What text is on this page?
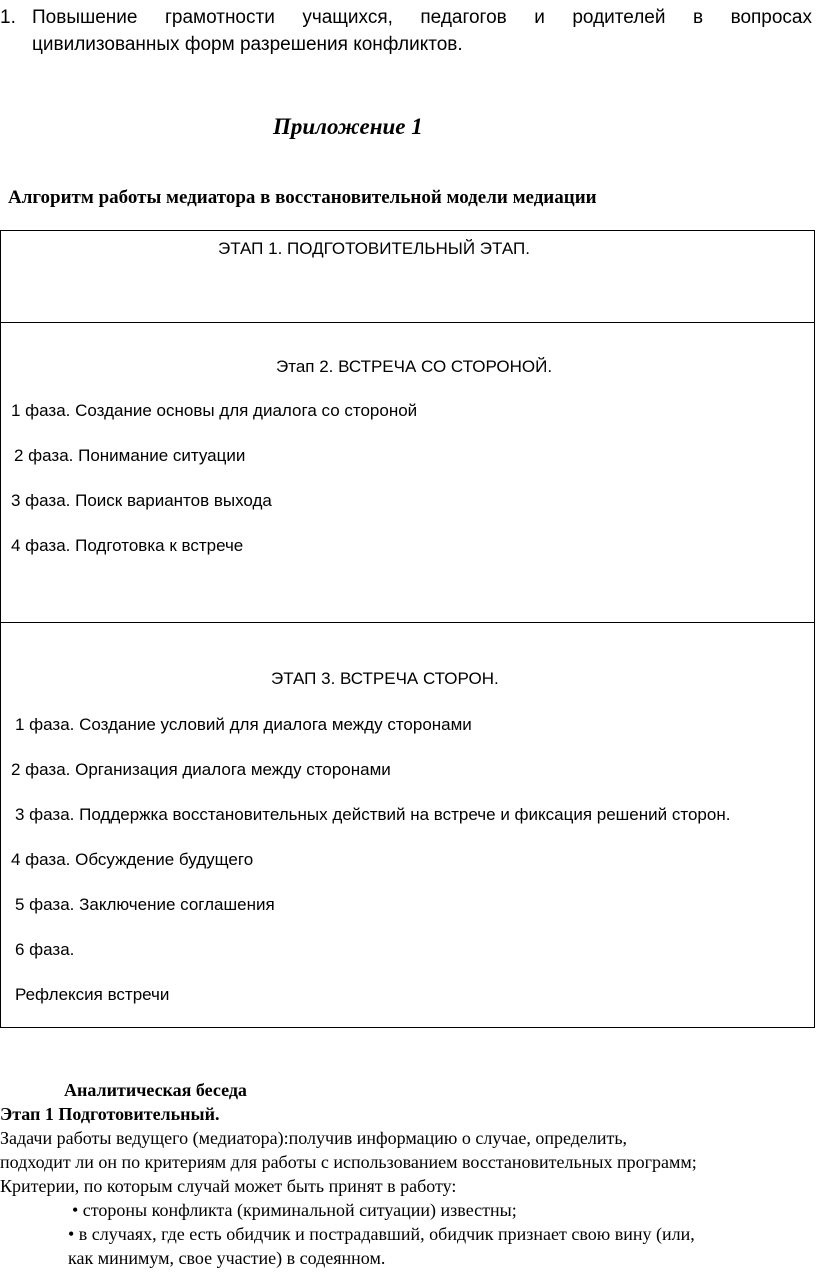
1. Повышение грамотности учащихся, педагогов и родителей в вопросах
цивилизованных форм разрешения конфликтов.
Приложение 1
Алгоритм работы медиатора в восстановительной модели медиации
ЭТАП 1. ПОДГОТОВИТЕЛЬНЫЙ ЭТАП.
Этап 2. ВСТРЕЧА СО СТОРОНОЙ.
1 фаза. Создание основы для диалога со стороной
2 фаза. Понимание ситуации
3 фаза. Поиск вариантов выхода
4 фаза. Подготовка к встрече
ЭТАП 3. ВСТРЕЧА СТОРОН.
1 фаза. Создание условий для диалога между сторонами
2 фаза. Организация диалога между сторонами
3 фаза. Поддержка восстановительных действий на встрече и фиксация решений сторон.
4 фаза. Обсуждение будущего
5 фаза. Заключение соглашения
6 фаза.
Рефлексия встречи
Аналитическая беседа
Этап 1 Подготовительный.
Задачи работы ведущего (медиатора):получив информацию о случае, определить,
подходит ли он по критериям для работы с использованием восстановительных программ;
Критерии, по которым случай может быть принят в работу:
• стороны конфликта (криминальной ситуации) известны;
• в случаях, где есть обидчик и пострадавший, обидчик признает свою вину (или,
как минимум, свое участие) в содеянном.
